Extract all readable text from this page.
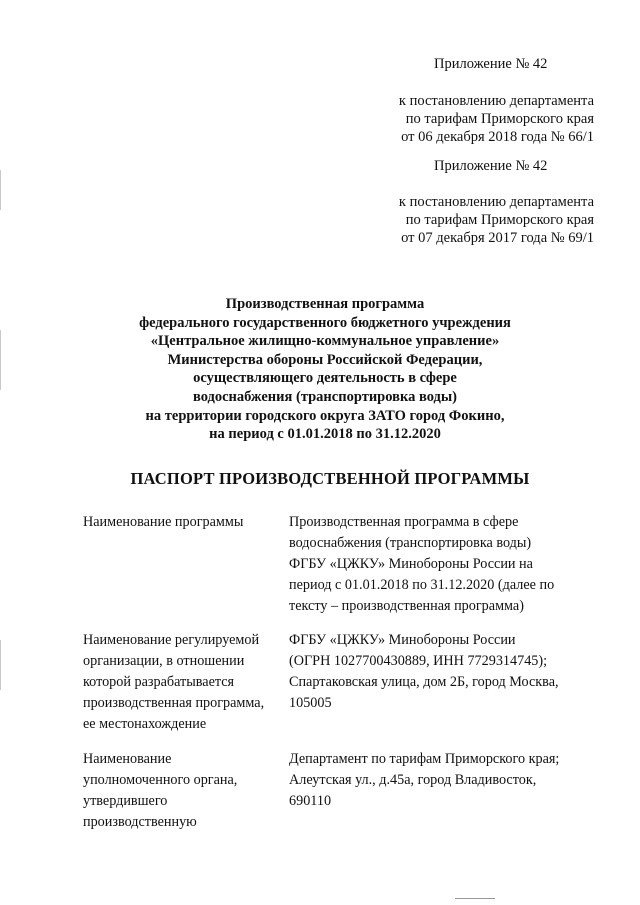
Приложение № 42
к постановлению департамента
по тарифам Приморского края
от 06 декабря 2018 года № 66/1
Приложение № 42
к постановлению департамента
по тарифам Приморского края
от 07 декабря 2017 года № 69/1
Производственная программа
федерального государственного бюджетного учреждения
«Центральное жилищно-коммунальное управление»
Министерства обороны Российской Федерации,
осуществляющего деятельность в сфере
водоснабжения (транспортировка воды)
на территории городского округа ЗАТО город Фокино,
на период с 01.01.2018 по 31.12.2020
ПАСПОРТ ПРОИЗВОДСТВЕННОЙ ПРОГРАММЫ
Наименование программы	Производственная программа в сфере
водоснабжения (транспортировка воды)
ФГБУ «ЦЖКУ» Минобороны России на
период с 01.01.2018 по 31.12.2020 (далее по
тексту – производственная программа)
Наименование регулируемой
организации, в отношении
которой разрабатывается
производственная программа,
ее местонахождение
ФГБУ «ЦЖКУ» Минобороны России
(ОГРН 1027700430889, ИНН 7729314745);
Спартаковская улица, дом 2Б, город Москва,
105005
Наименование
уполномоченного органа,
утвердившего
производственную
Департамент по тарифам Приморского края;
Алеутская ул., д.45а, город Владивосток,
690110
